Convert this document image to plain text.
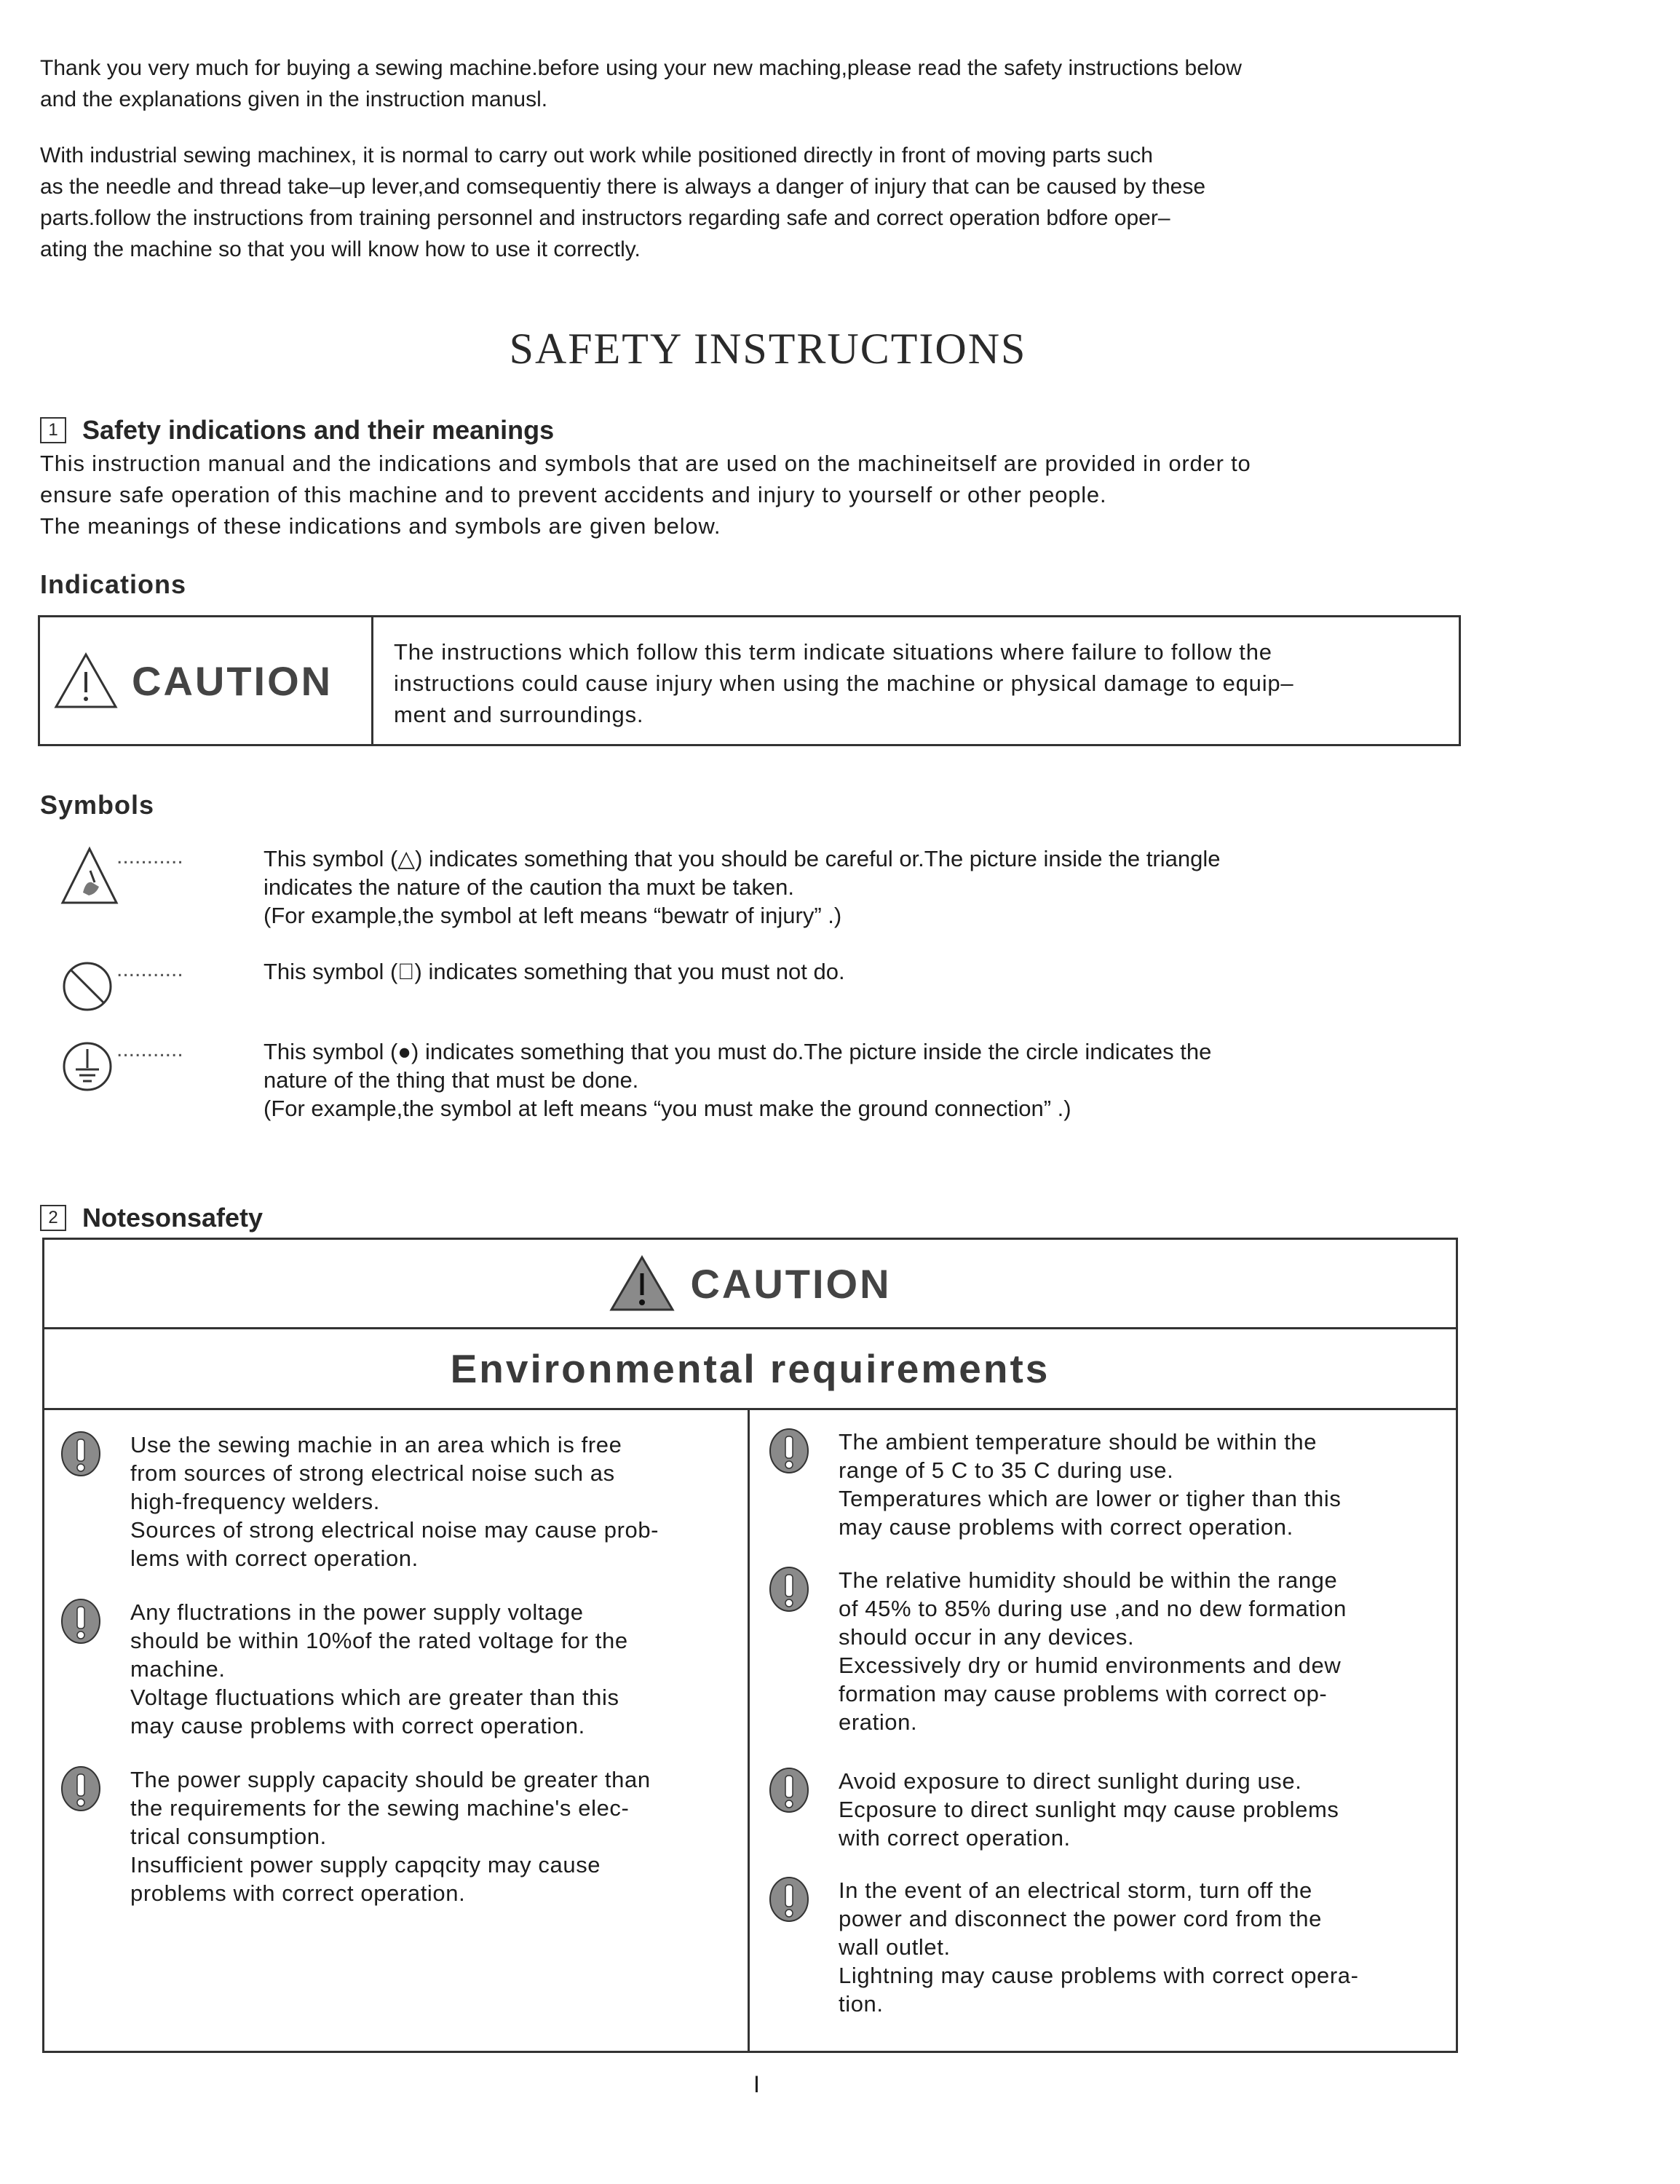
Thank you very much for buying a sewing machine.before using your new maching,please read the safety instructions below

and the explanations given in the instruction manusl.

With industrial sewing machinex, it is normal to carry out work while positioned directly in front of moving parts such

as the needle and thread take–up lever,and comsequentiy there is always a danger of injury that can be caused by these

parts.follow the instructions from training personnel and instructors regarding safe and correct operation bdfore oper–

ating the machine so that you will know how to use it correctly.

SAFETY INSTRUCTIONS
1 Safety indications and their meanings

This instruction manual and the indications and symbols that are used on the machineitself are provided in order to

ensure safe operation of this machine and to prevent accidents and injury to yourself or other people.

The meanings of these indications and symbols are given below.

Indications
CAUTION
The instructions which follow this term indicate situations where failure to follow the
instructions could cause injury when using the machine or physical damage to equip–
ment and surroundings.
Symbols
...........	This symbol (△) indicates something that you should be careful or.The picture inside the triangle
indicates the nature of the caution tha muxt be taken.
(For example,the symbol at left means “bewatr of injury” .)
...........	This symbol (⃠) indicates something that you must not do.
...........	This symbol (●) indicates something that you must do.The picture inside the circle indicates the
nature of the thing that must be done.
(For example,the symbol at left means “you must make the ground connection” .)
2 Notesonsafety
CAUTION
Environmental requirements

Use the sewing machie in an area which is free

from sources of strong electrical noise such as

high-frequency welders.

Sources of strong electrical noise may cause prob-

lems with correct operation.

Any fluctrations in the power supply voltage

should be within 10%of the rated voltage for the

machine.

Voltage fluctuations which are greater than this

may cause problems with correct operation.

The power supply capacity should be greater than

the requirements for the sewing machine's elec-

trical consumption.

Insufficient power supply capqcity may cause

problems with correct operation.

The ambient temperature should be within the

range of 5 C to 35 C during use.

Temperatures which are lower or tigher than this

may cause problems with correct operation.

The relative humidity should be within the range

of 45% to 85% during use ,and no dew formation

should occur in any devices.

Excessively dry or humid environments and dew

formation may cause problems with correct op-

eration.

Avoid exposure to direct sunlight during use.

Ecposure to direct sunlight mqy cause problems

with correct operation.

In the event of an electrical storm, turn off the

power and disconnect the power cord from the

wall outlet.

Lightning may cause problems with correct opera-

tion.

I
